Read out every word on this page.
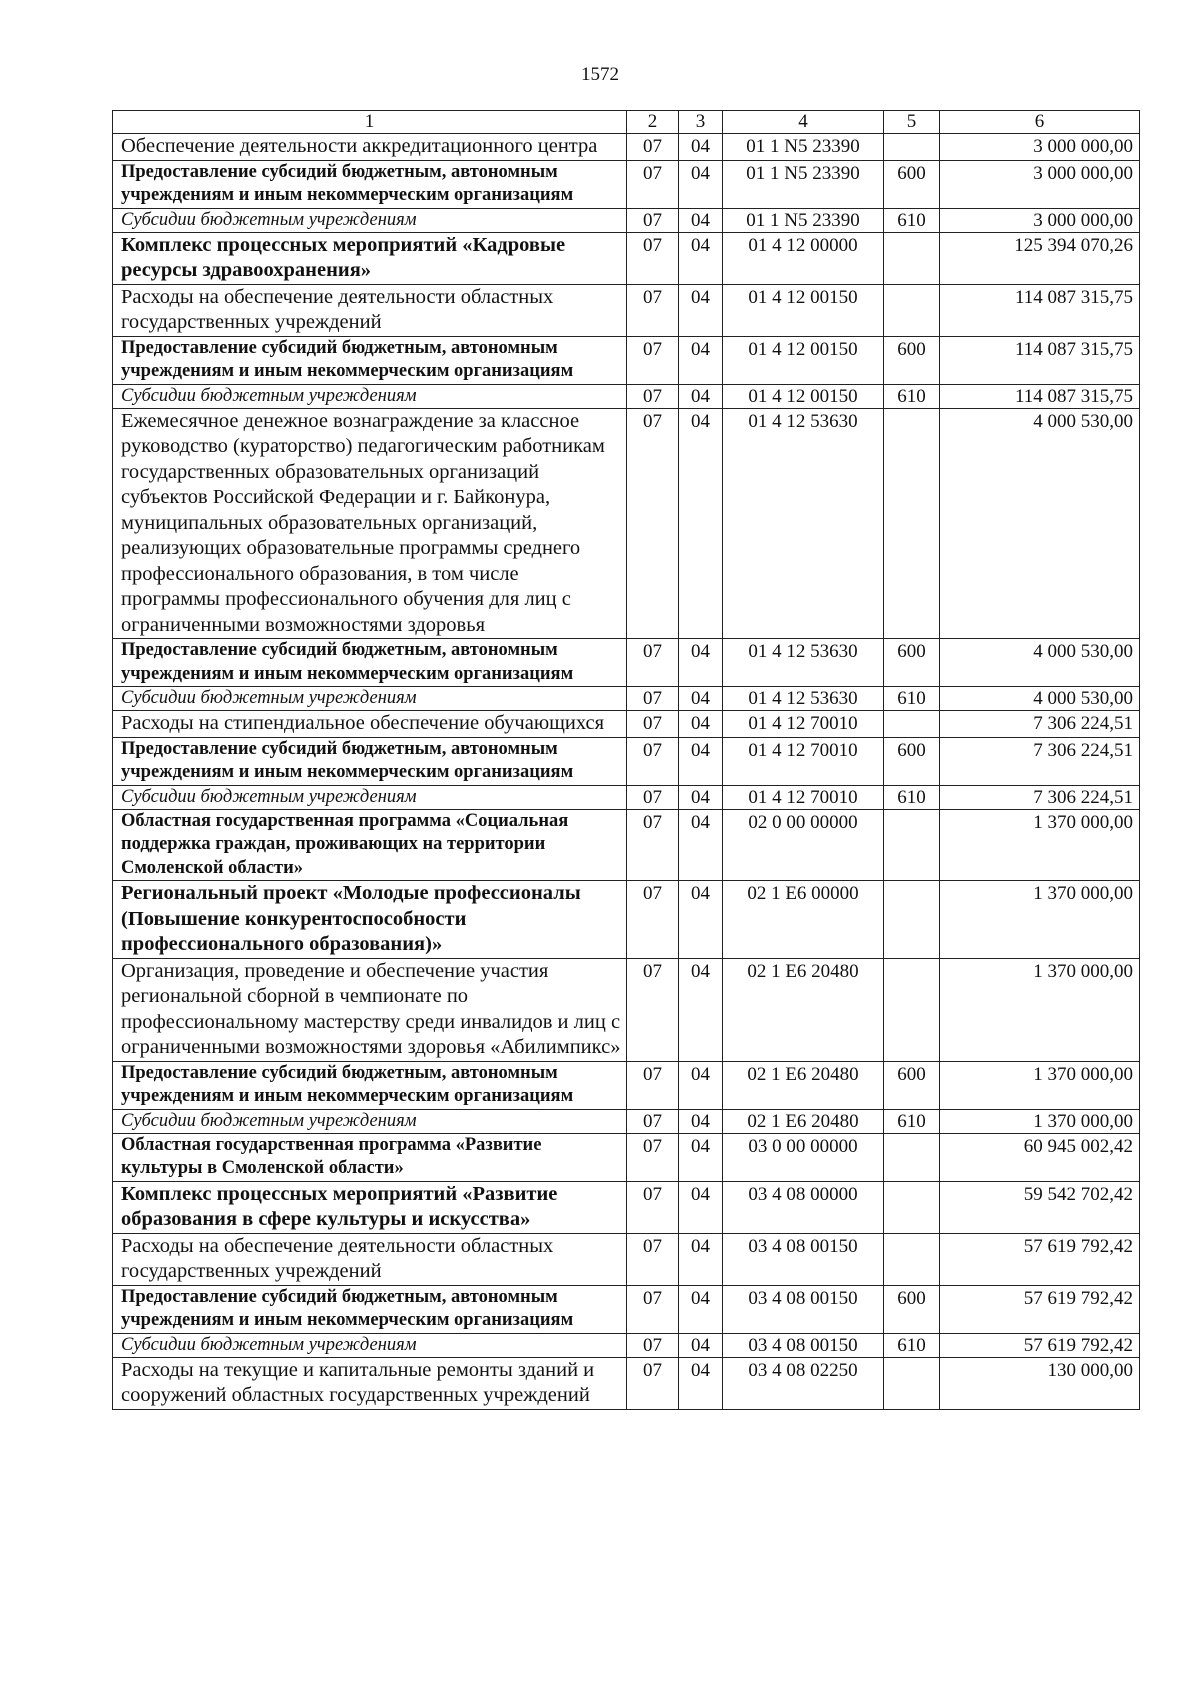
1572
1	2	3	4	5	6
Обеспечение деятельности аккредитационного центра	07	04	01 1 N5 23390		3 000 000,00
Предоставление субсидий бюджетным, автономным учреждениям и иным некоммерческим организациям	07	04	01 1 N5 23390	600	3 000 000,00
Субсидии бюджетным учреждениям	07	04	01 1 N5 23390	610	3 000 000,00
Комплекс процессных мероприятий «Кадровые ресурсы здравоохранения»	07	04	01 4 12 00000		125 394 070,26
Расходы на обеспечение деятельности областных государственных учреждений	07	04	01 4 12 00150		114 087 315,75
Предоставление субсидий бюджетным, автономным учреждениям и иным некоммерческим организациям	07	04	01 4 12 00150	600	114 087 315,75
Субсидии бюджетным учреждениям	07	04	01 4 12 00150	610	114 087 315,75
Ежемесячное денежное вознаграждение за классное руководство (кураторство) педагогическим работникам государственных образовательных организаций субъектов Российской Федерации и г. Байконура, муниципальных образовательных организаций, реализующих образовательные программы среднего профессионального образования, в том числе программы профессионального обучения для лиц с ограниченными возможностями здоровья	07	04	01 4 12 53630		4 000 530,00
Предоставление субсидий бюджетным, автономным учреждениям и иным некоммерческим организациям	07	04	01 4 12 53630	600	4 000 530,00
Субсидии бюджетным учреждениям	07	04	01 4 12 53630	610	4 000 530,00
Расходы на стипендиальное обеспечение обучающихся	07	04	01 4 12 70010		7 306 224,51
Предоставление субсидий бюджетным, автономным учреждениям и иным некоммерческим организациям	07	04	01 4 12 70010	600	7 306 224,51
Субсидии бюджетным учреждениям	07	04	01 4 12 70010	610	7 306 224,51
Областная государственная программа «Социальная поддержка граждан, проживающих на территории Смоленской области»	07	04	02 0 00 00000		1 370 000,00
Региональный проект «Молодые профессионалы (Повышение конкурентоспособности профессионального образования)»	07	04	02 1 Е6 00000		1 370 000,00
Организация, проведение и обеспечение участия региональной сборной в чемпионате по профессиональному мастерству среди инвалидов и лиц с ограниченными возможностями здоровья «Абилимпикс»	07	04	02 1 Е6 20480		1 370 000,00
Предоставление субсидий бюджетным, автономным учреждениям и иным некоммерческим организациям	07	04	02 1 Е6 20480	600	1 370 000,00
Субсидии бюджетным учреждениям	07	04	02 1 Е6 20480	610	1 370 000,00
Областная государственная программа «Развитие культуры в Смоленской области»	07	04	03 0 00 00000		60 945 002,42
Комплекс процессных мероприятий «Развитие образования в сфере культуры и искусства»	07	04	03 4 08 00000		59 542 702,42
Расходы на обеспечение деятельности областных государственных учреждений	07	04	03 4 08 00150		57 619 792,42
Предоставление субсидий бюджетным, автономным учреждениям и иным некоммерческим организациям	07	04	03 4 08 00150	600	57 619 792,42
Субсидии бюджетным учреждениям	07	04	03 4 08 00150	610	57 619 792,42
Расходы на текущие и капитальные ремонты зданий и сооружений областных государственных учреждений	07	04	03 4 08 02250		130 000,00
